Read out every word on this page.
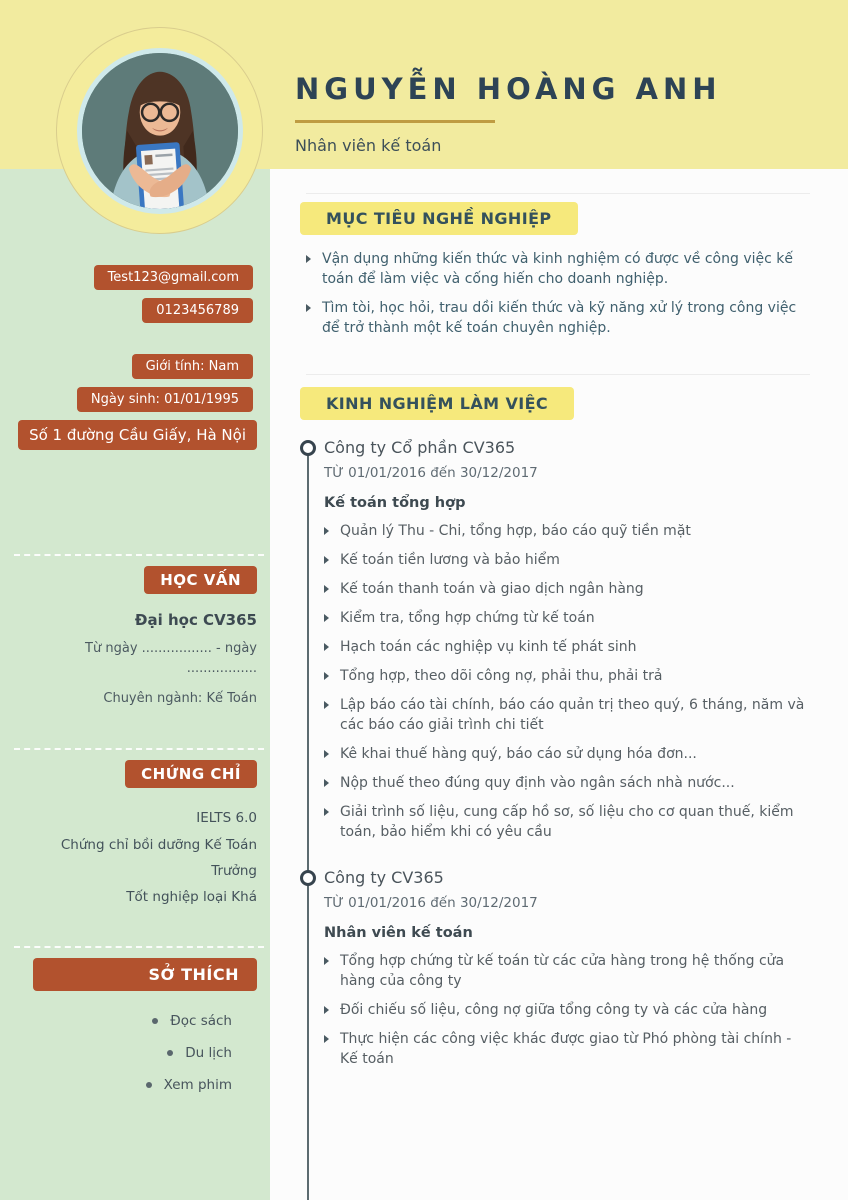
Test123@gmail.com
0123456789
Giới tính: Nam
Ngày sinh: 01/01/1995
Số 1 đường Cầu Giấy, Hà Nội
HỌC VẤN
Đại học CV365
Từ ngày ................. - ngày .................
Chuyên ngành: Kế Toán
CHỨNG CHỈ
IELTS 6.0
Chứng chỉ bồi dưỡng Kế Toán Trưởng
Tốt nghiệp loại Khá
SỞ THÍCH
Đọc sách
Du lịch
Xem phim
NGUYỄN HOÀNG ANH
Nhân viên kế toán
MỤC TIÊU NGHỀ NGHIỆP
Vận dụng những kiến thức và kinh nghiệm có được về công việc kế toán để làm việc và cống hiến cho doanh nghiệp.
Tìm tòi, học hỏi, trau dồi kiến thức và kỹ năng xử lý trong công việc để trở thành một kế toán chuyên nghiệp.
KINH NGHIỆM LÀM VIỆC
Công ty Cổ phần CV365
TỪ 01/01/2016 đến 30/12/2017
Kế toán tổng hợp
Quản lý Thu - Chi, tổng hợp, báo cáo quỹ tiền mặt
Kế toán tiền lương và bảo hiểm
Kế toán thanh toán và giao dịch ngân hàng
Kiểm tra, tổng hợp chứng từ kế toán
Hạch toán các nghiệp vụ kinh tế phát sinh
Tổng hợp, theo dõi công nợ, phải thu, phải trả
Lập báo cáo tài chính, báo cáo quản trị theo quý, 6 tháng, năm và các báo cáo giải trình chi tiết
Kê khai thuế hàng quý, báo cáo sử dụng hóa đơn...
Nộp thuế theo đúng quy định vào ngân sách nhà nước...
Giải trình số liệu, cung cấp hồ sơ, số liệu cho cơ quan thuế, kiểm toán, bảo hiểm khi có yêu cầu
Công ty CV365
TỪ 01/01/2016 đến 30/12/2017
Nhân viên kế toán
Tổng hợp chứng từ kế toán từ các cửa hàng trong hệ thống cửa hàng của công ty
Đối chiếu số liệu, công nợ giữa tổng công ty và các cửa hàng
Thực hiện các công việc khác được giao từ Phó phòng tài chính - Kế toán
